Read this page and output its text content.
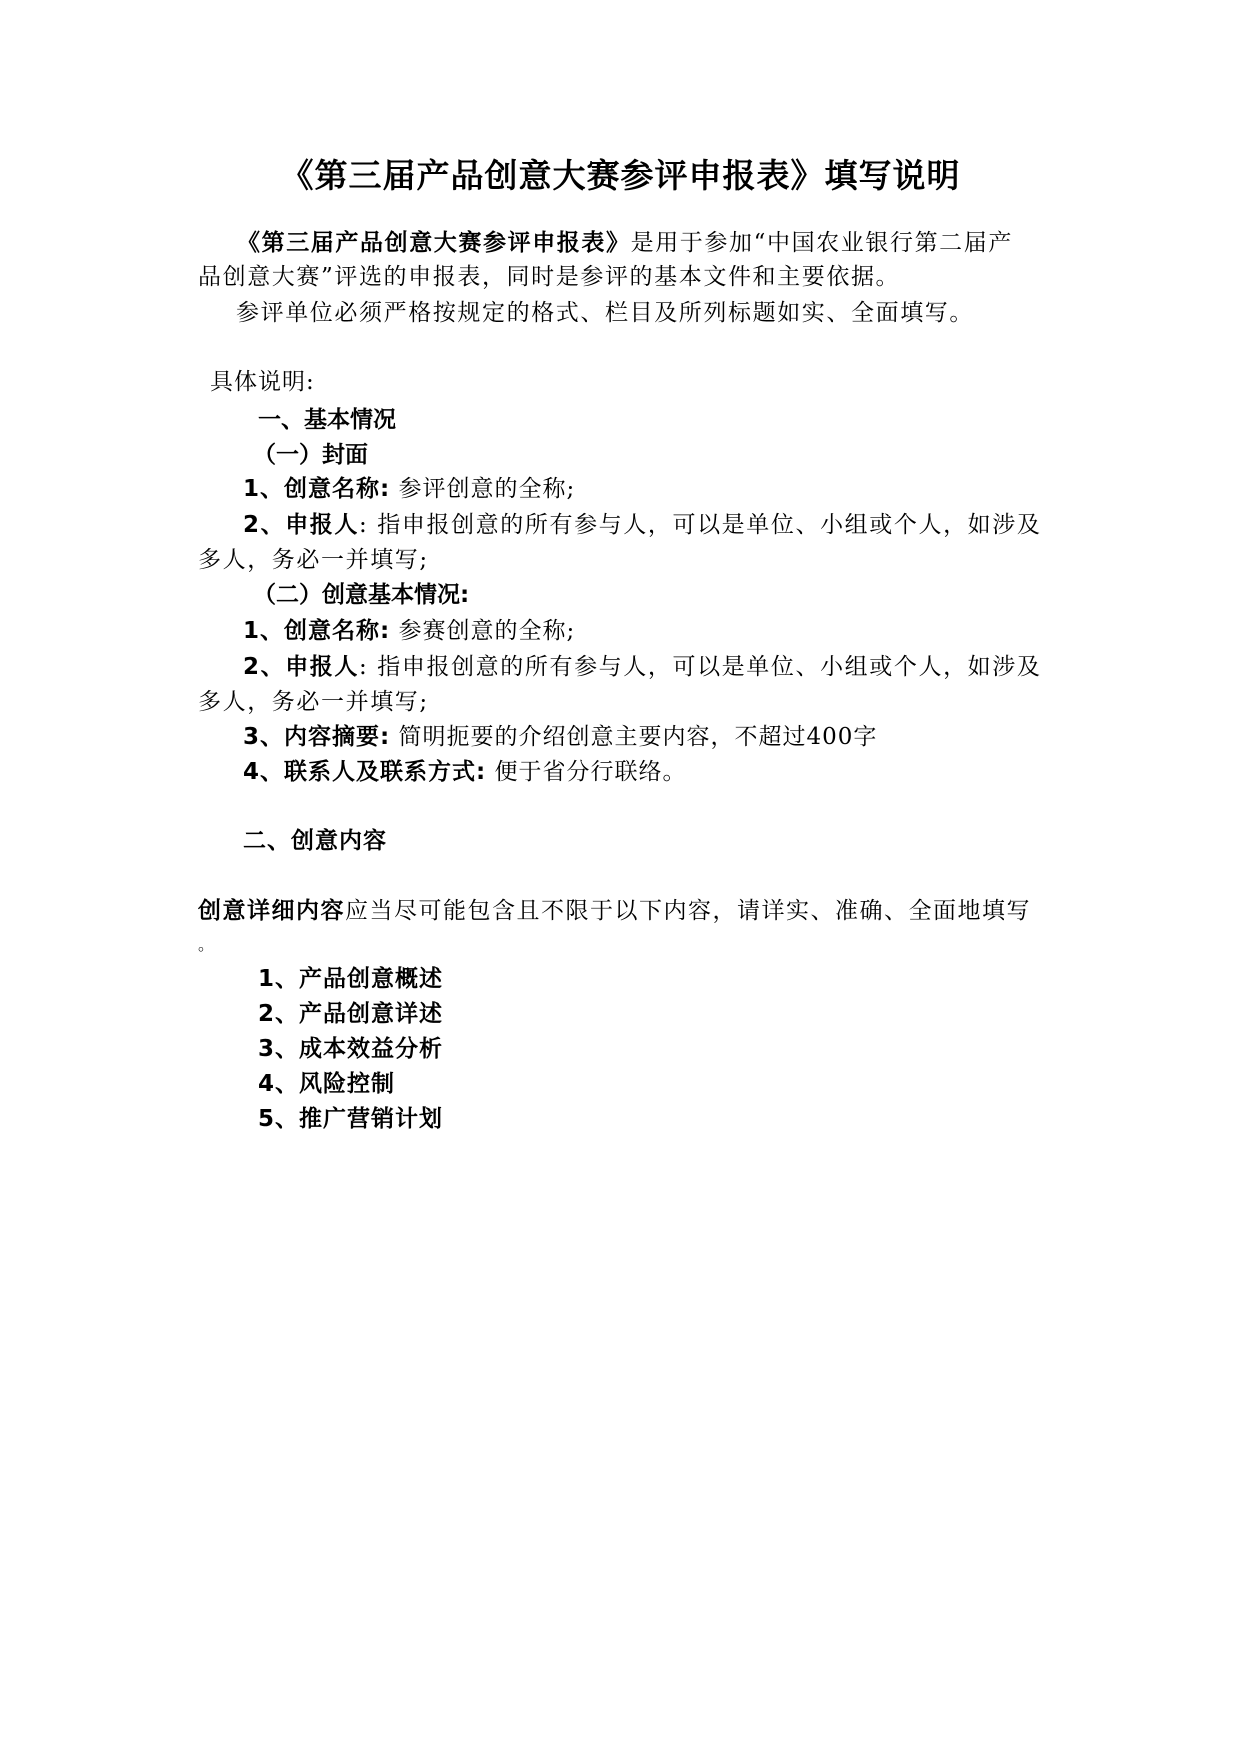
《第三届产品创意大赛参评申报表》填写说明
《第三届产品创意大赛参评申报表》是用于参加“中国农业银行第二届产
品创意大赛”评选的申报表，同时是参评的基本文件和主要依据。
参评单位必须严格按规定的格式、栏目及所列标题如实、全面填写。
具体说明:
一、基本情况
（一）封面
1、创意名称: 参评创意的全称;
2、申报人: 指申报创意的所有参与人，可以是单位、小组或个人，如涉及
多人，务必一并填写;
（二）创意基本情况:
1、创意名称: 参赛创意的全称;
2、申报人: 指申报创意的所有参与人，可以是单位、小组或个人，如涉及
多人，务必一并填写;
3、内容摘要: 简明扼要的介绍创意主要内容，不超过400字
4、联系人及联系方式: 便于省分行联络。
二、创意内容
创意详细内容应当尽可能包含且不限于以下内容，请详实、准确、全面地填写
。
1、产品创意概述
2、产品创意详述
3、成本效益分析
4、风险控制
5、推广营销计划
